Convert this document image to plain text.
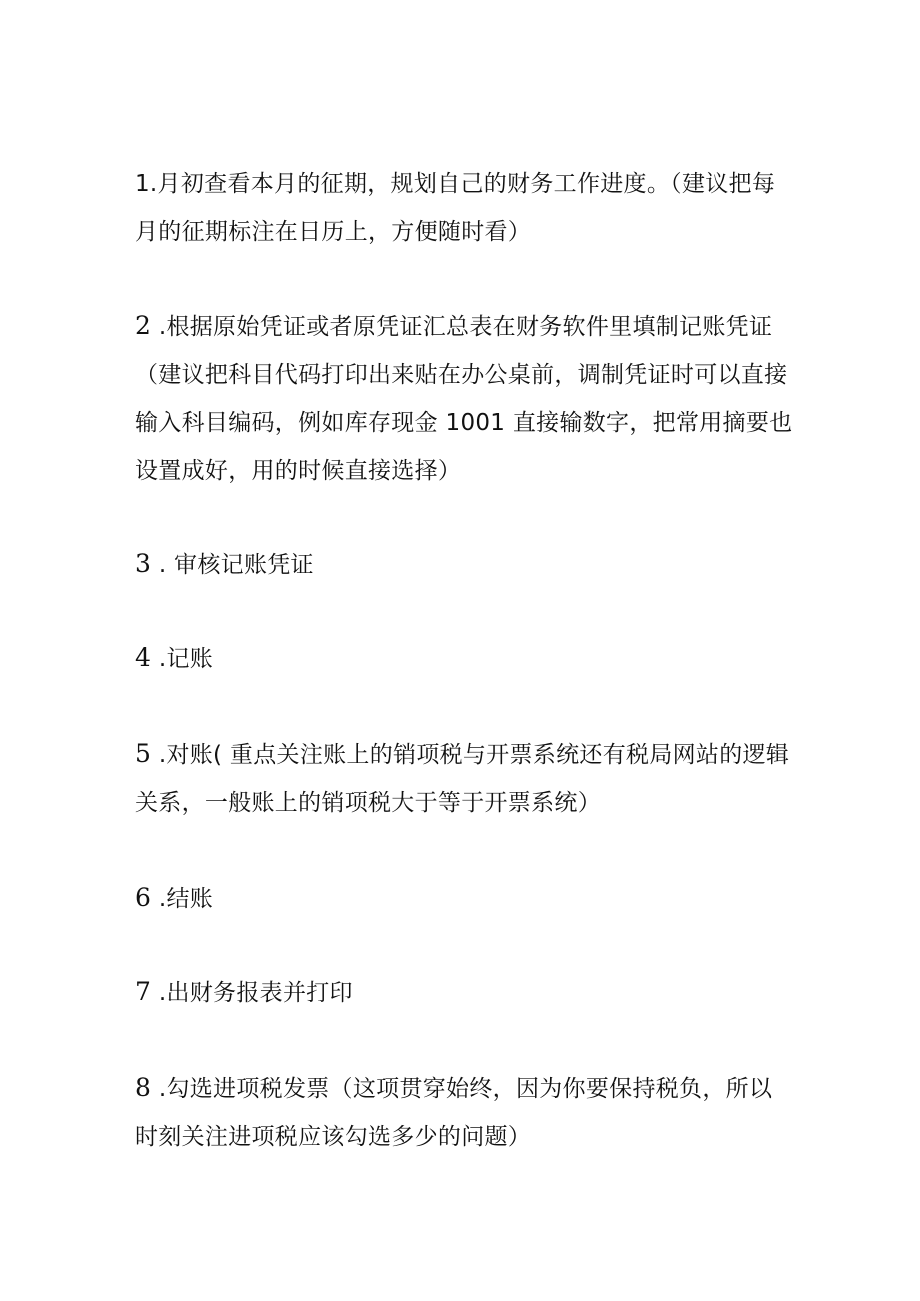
1.月初查看本月的征期，规划自己的财务工作进度。（建议把每
月的征期标注在日历上，方便随时看）

2 .根据原始凭证或者原凭证汇总表在财务软件里填制记账凭证
（建议把科目代码打印出来贴在办公桌前，调制凭证时可以直接
输入科目编码，例如库存现金 1001 直接输数字，把常用摘要也
设置成好，用的时候直接选择）

3 . 审核记账凭证

4 .记账

5 .对账( 重点关注账上的销项税与开票系统还有税局网站的逻辑
关系，一般账上的销项税大于等于开票系统）

6 .结账

7 .出财务报表并打印

8 .勾选进项税发票（这项贯穿始终，因为你要保持税负，所以
时刻关注进项税应该勾选多少的问题）
